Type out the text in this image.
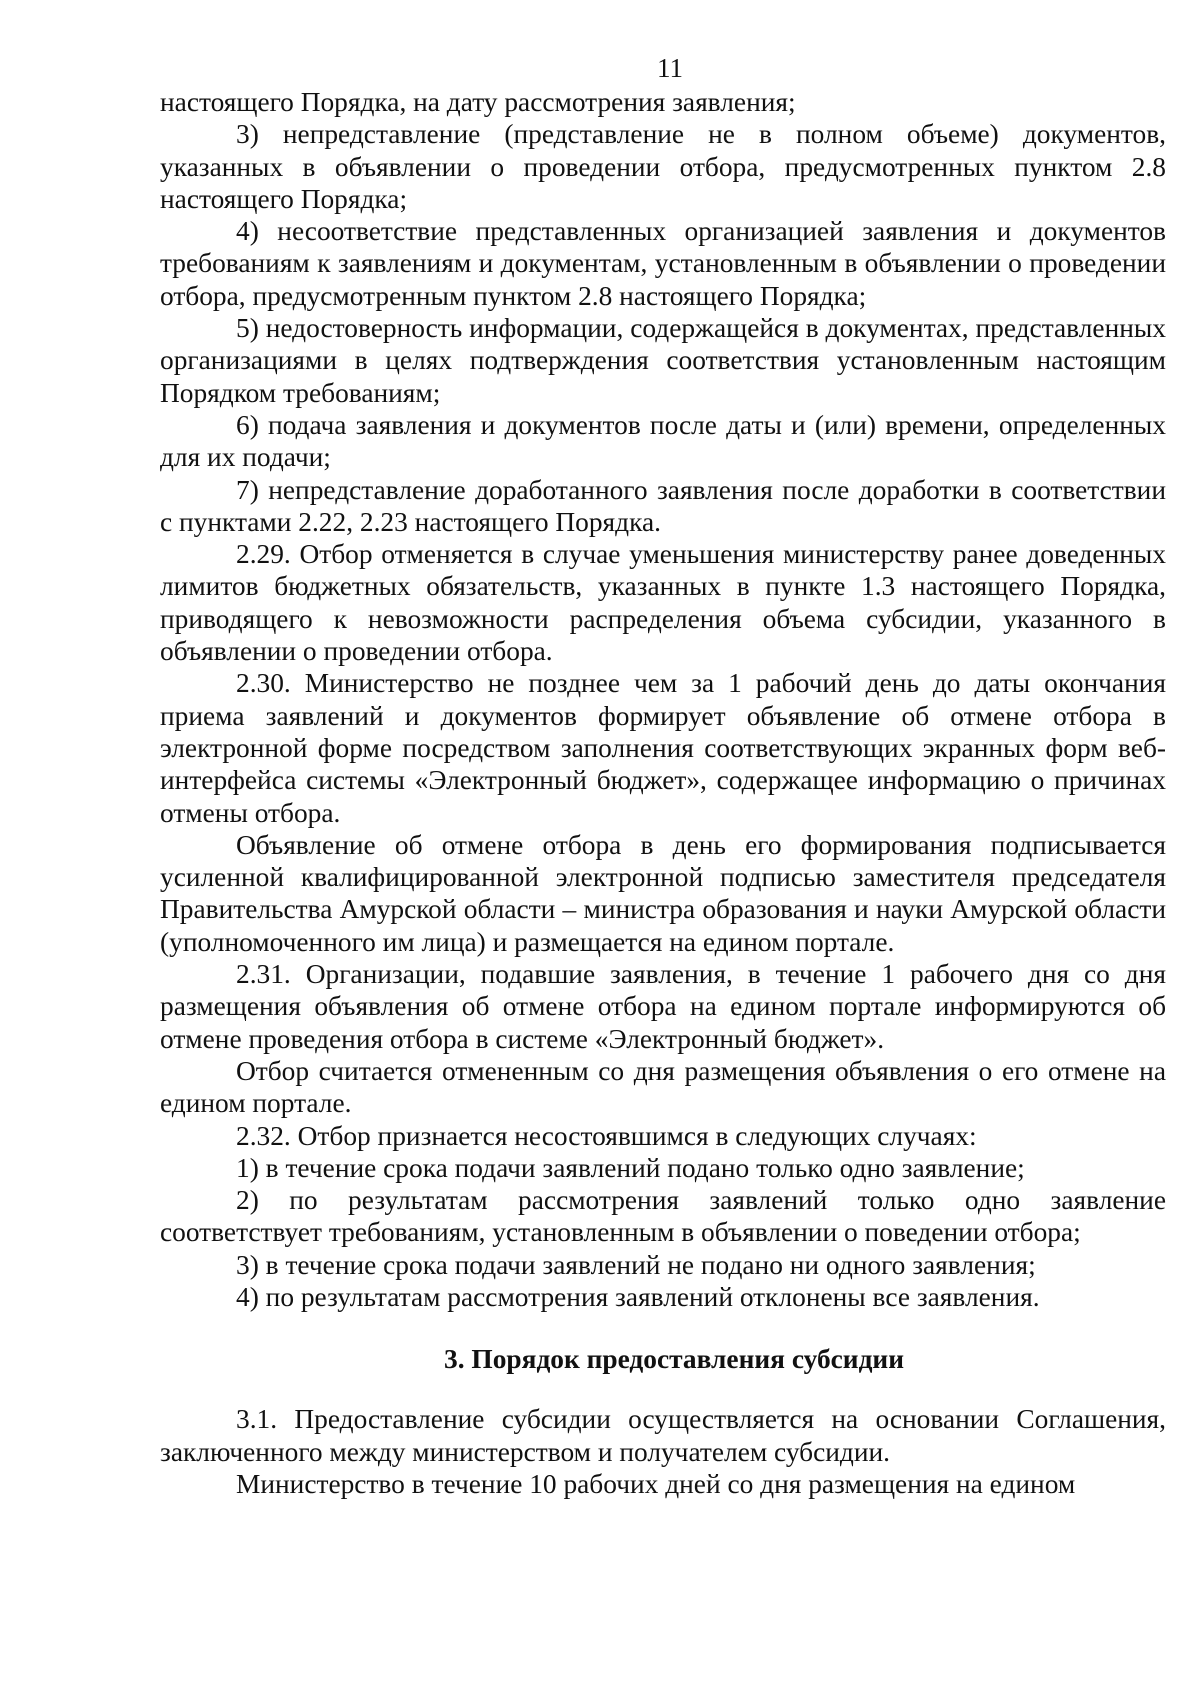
11

настоящего Порядка, на дату рассмотрения заявления;

3) непредставление (представление не в полном объеме) документов, указанных в объявлении о проведении отбора, предусмотренных пунктом 2.8 настоящего Порядка;

4) несоответствие представленных организацией заявления и документов требованиям к заявлениям и документам, установленным в объявлении о проведении отбора, предусмотренным пунктом 2.8 настоящего Порядка;

5) недостоверность информации, содержащейся в документах, представленных организациями в целях подтверждения соответствия установленным настоящим Порядком требованиям;

6) подача заявления и документов после даты и (или) времени, определенных для их подачи;

7) непредставление доработанного заявления после доработки в соответствии с пунктами 2.22, 2.23 настоящего Порядка.

2.29. Отбор отменяется в случае уменьшения министерству ранее доведенных лимитов бюджетных обязательств, указанных в пункте 1.3 настоящего Порядка, приводящего к невозможности распределения объема субсидии, указанного в объявлении о проведении отбора.

2.30. Министерство не позднее чем за 1 рабочий день до даты окончания приема заявлений и документов формирует объявление об отмене отбора в электронной форме посредством заполнения соответствующих экранных форм веб-интерфейса системы «Электронный бюджет», содержащее информацию о причинах отмены отбора.

Объявление об отмене отбора в день его формирования подписывается усиленной квалифицированной электронной подписью заместителя председателя Правительства Амурской области – министра образования и науки Амурской области (уполномоченного им лица) и размещается на едином портале.

2.31. Организации, подавшие заявления, в течение 1 рабочего дня со дня размещения объявления об отмене отбора на едином портале информируются об отмене проведения отбора в системе «Электронный бюджет».

Отбор считается отмененным со дня размещения объявления о его отмене на едином портале.

2.32. Отбор признается несостоявшимся в следующих случаях:

1) в течение срока подачи заявлений подано только одно заявление;

2) по результатам рассмотрения заявлений только одно заявление соответствует требованиям, установленным в объявлении о поведении отбора;

3) в течение срока подачи заявлений не подано ни одного заявления;

4) по результатам рассмотрения заявлений отклонены все заявления.

3. Порядок предоставления субсидии

3.1. Предоставление субсидии осуществляется на основании Соглашения, заключенного между министерством и получателем субсидии.

Министерство в течение 10 рабочих дней со дня размещения на едином
